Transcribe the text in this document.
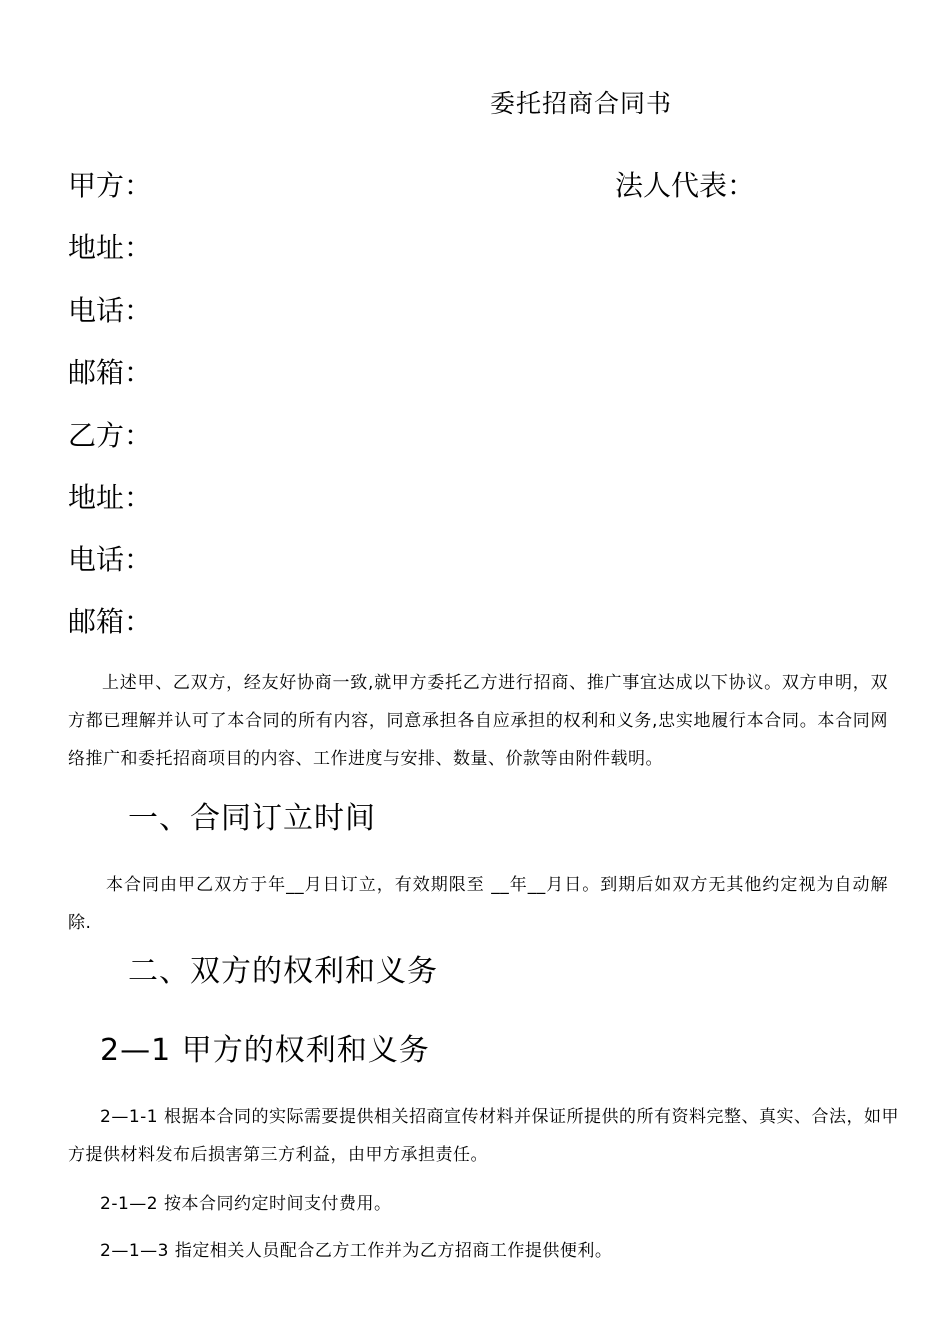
委托招商合同书
甲方：	法人代表：
地址：
电话：
邮箱：
乙方：
地址：
电话：
邮箱：
上述甲、乙双方，经友好协商一致,就甲方委托乙方进行招商、推广事宜达成以下协议。双方申明，双方都已理解并认可了本合同的所有内容，同意承担各自应承担的权利和义务,忠实地履行本合同。本合同网络推广和委托招商项目的内容、工作进度与安排、数量、价款等由附件载明。
一、合同订立时间
本合同由甲乙双方于年__月日订立，有效期限至 __年__月日。到期后如双方无其他约定视为自动解除.
二、双方的权利和义务
2—1 甲方的权利和义务
2—1-1 根据本合同的实际需要提供相关招商宣传材料并保证所提供的所有资料完整、真实、合法，如甲方提供材料发布后损害第三方利益，由甲方承担责任。
2-1—2 按本合同约定时间支付费用。
2—1—3 指定相关人员配合乙方工作并为乙方招商工作提供便利。
